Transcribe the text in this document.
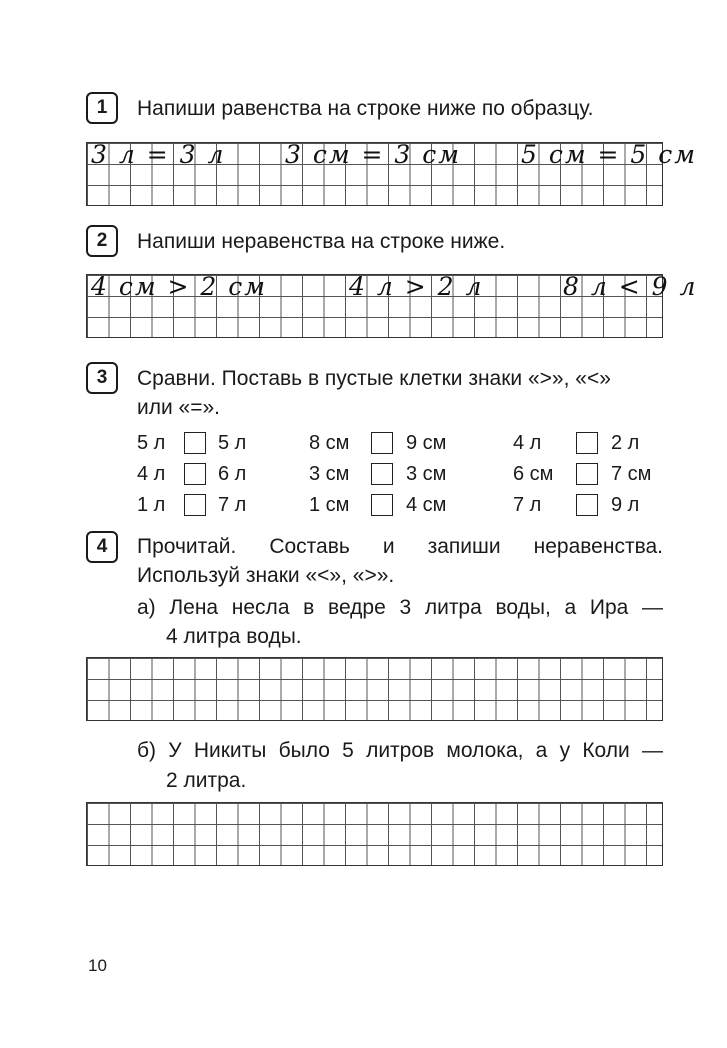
1	Напиши равенства на строке ниже по образцу.
3 л = 3 л 3 см = 3 см 5 см = 5 см
2	Напиши неравенства на строке ниже.
4 см > 2 см	4 л > 2 л	8 л < 9 л
3	Сравни. Поставь в пустые клетки знаки «>», «<»
или «=».
5 л	5 л	8 см	9 см	4 л	2 л
4 л	6 л	3 см	3 см	6 см	7 см
1 л	7 л	1 см	4 см	7 л	9 л
4	Прочитай. Составь и запиши неравенства.
Используй знаки «<», «>».
а) Лена несла в ведре 3 литра воды, а Ира —
4 литра воды.
б) У Никиты было 5 литров молока, а у Коли —
2 литра.
10
